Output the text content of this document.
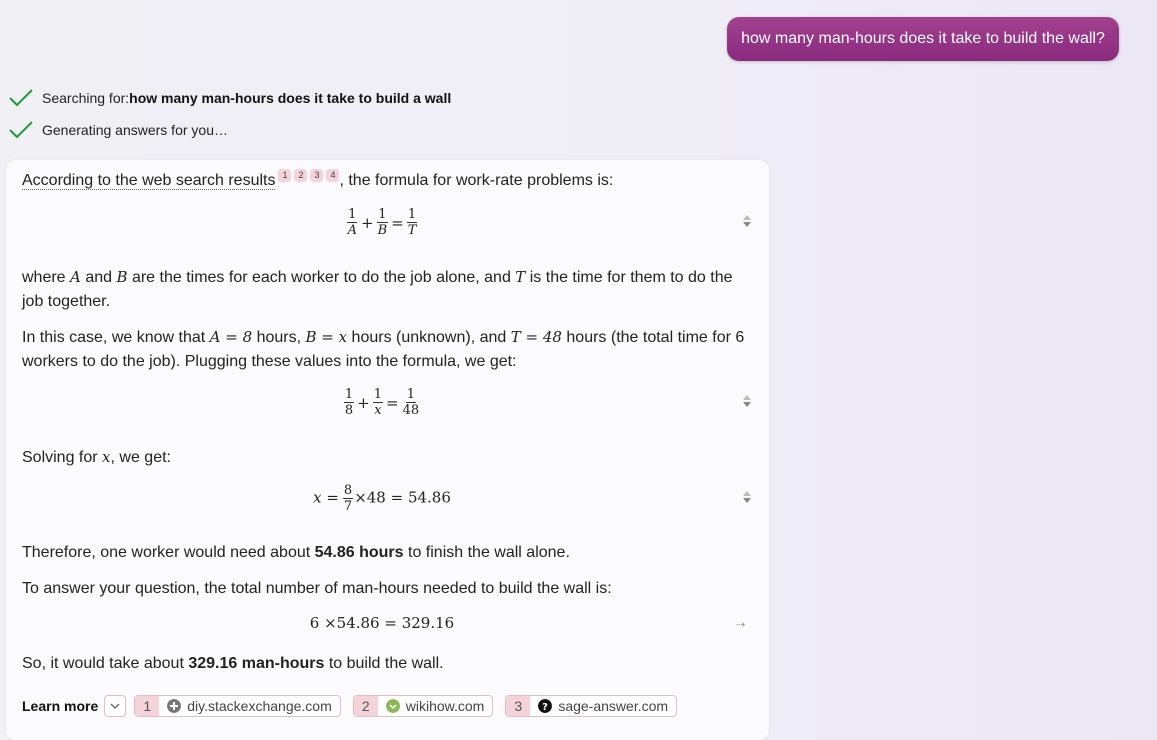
how many man-hours does it take to build the wall?
Searching for: how many man-hours does it take to build a wall
Generating answers for you…
According to the web search results 1 2 3 4 , the formula for work-rate problems is:
$\frac{1}{A} + \frac{1}{B} = \frac{1}{T}$
where A and B are the times for each worker to do the job alone, and T is the time for them to do the job together.
In this case, we know that A = 8 hours, B = x hours (unknown), and T = 48 hours (the total time for 6 workers to do the job). Plugging these values into the formula, we get:
$\frac{1}{8} + \frac{1}{x} = \frac{1}{48}$
Solving for x, we get:
$x = \frac{8}{7} \times 48 = 54.86$
Therefore, one worker would need about 54.86 hours to finish the wall alone.
To answer your question, the total number of man-hours needed to build the wall is:
6 ×54.86 = 329.16	⇢
So, it would take about 329.16 man-hours to build the wall.
Learn more	1	diy.stackexchange.com	2	wikihow.com	3	? sage-answer.com
